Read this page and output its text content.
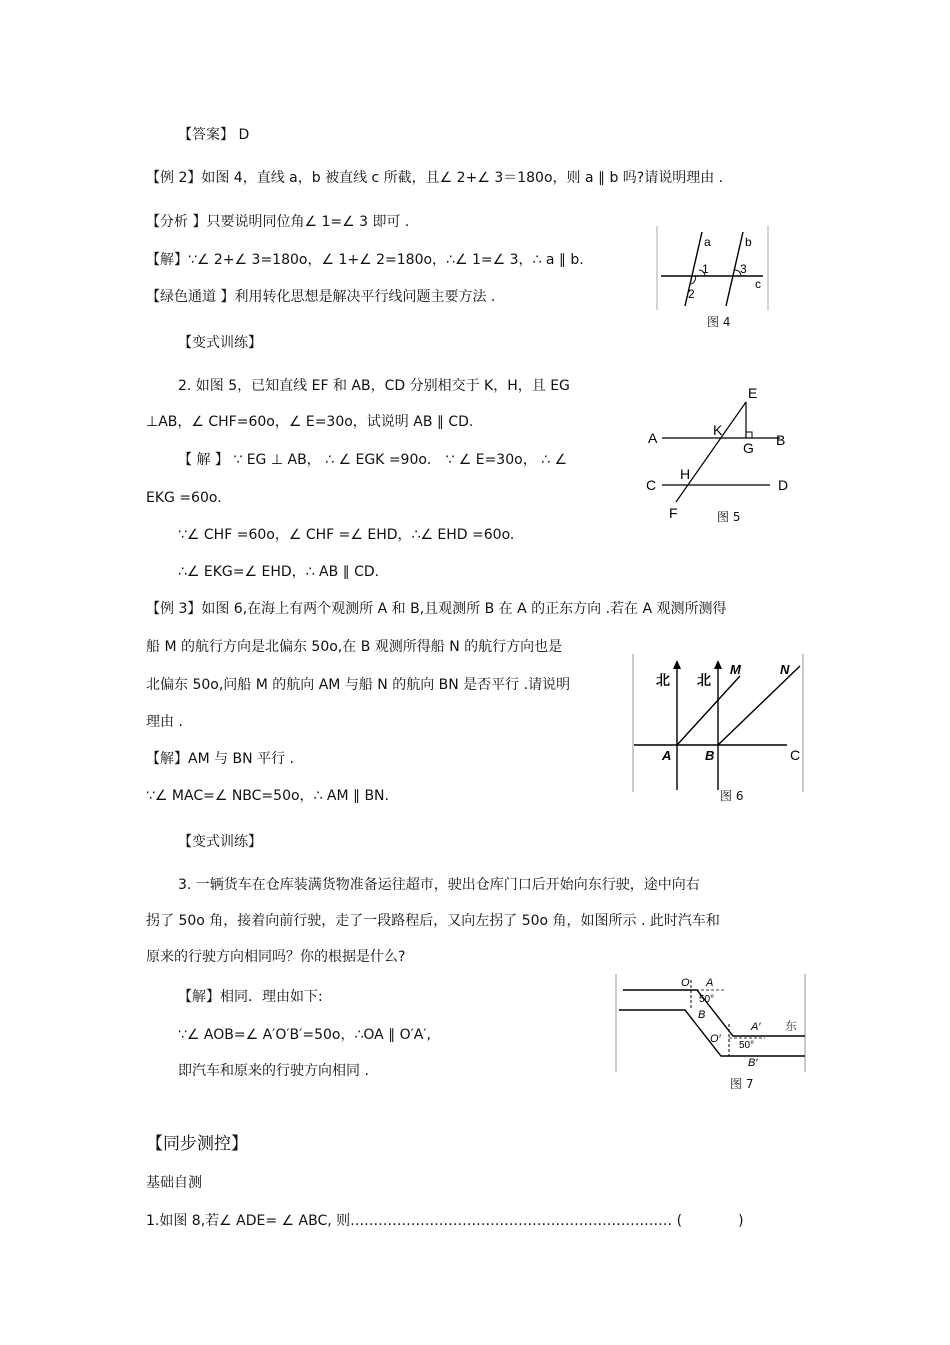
【答案】 D
【例 2】如图 4，直线 a，b 被直线 c 所截，且∠ 2+∠ 3＝180o，则 a ∥ b 吗?请说明理由 .
【分析 】只要说明同位角∠ 1=∠ 3 即可 .
【解】∵∠ 2+∠ 3=180o，∠ 1+∠ 2=180o，∴∠ 1=∠ 3，∴ a ∥ b.
【绿色通道 】利用转化思想是解决平行线问题主要方法 .
【变式训练】
2. 如图 5，已知直线 EF 和 AB，CD 分别相交于 K，H，且 EG
⊥AB，∠ CHF=60o，∠ E=30o，试说明 AB ∥ CD.
【 解 】 ∵ EG ⊥ AB， ∴ ∠ EGK =90o． ∵ ∠ E=30o， ∴ ∠
EKG =60o.
∵∠ CHF =60o，∠ CHF =∠ EHD，∴∠ EHD =60o.
∴∠ EKG=∠ EHD，∴ AB ∥ CD.
【例 3】如图 6,在海上有两个观测所 A 和 B,且观测所 B 在 A 的正东方向 .若在 A 观测所测得
船 M 的航行方向是北偏东 50o,在 B 观测所得船 N 的航行方向也是
北偏东 50o,问船 M 的航向 AM 与船 N 的航向 BN 是否平行 .请说明
理由 .
【解】AM 与 BN 平行 .
∵∠ MAC=∠ NBC=50o，∴ AM ∥ BN.
【变式训练】
3. 一辆货车在仓库装满货物准备运往超市，驶出仓库门口后开始向东行驶，途中向右
拐了 50o 角，接着向前行驶，走了一段路程后，又向左拐了 50o 角，如图所示 . 此时汽车和
原来的行驶方向相同吗？你的根据是什么?
【解】相同．理由如下:
∵∠ AOB=∠ A′O′B′=50o，∴OA ∥ O′A′,
即汽车和原来的行驶方向相同 .
【同步测控】
基础自测
1.如图 8,若∠ ADE= ∠ ABC, 则…………………………………………………………… (　　　　)
a	b
c
1
2
3
图 4
E
A	K
B
G
C
H
D
F	图 5
北 北
M	N
A	B	C
图 6
O A
B
50°
O′
A′
B′
50°
东
图 7
